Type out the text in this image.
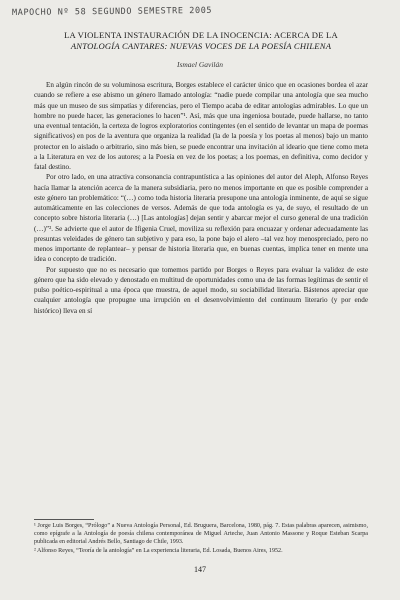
MAPOCHO Nº 58 SEGUNDO SEMESTRE 2005
LA VIOLENTA INSTAURACIÓN DE LA INOCENCIA: ACERCA DE LA
ANTOLOGÍA CANTARES: NUEVAS VOCES DE LA POESÍA CHILENA
Ismael Gavilán

En algún rincón de su voluminosa escritura, Borges establece el carácter único que en ocasiones bordea el azar cuando se refiere a ese abismo un género llamado antología: “nadie puede compilar una antología que sea mucho más que un museo de sus simpatías y diferencias, pero el Tiempo acaba de editar antologías admirables. Lo que un hombre no puede hacer, las generaciones lo hacen”¹. Así, más que una ingeniosa boutade, puede hallarse, no tanto una eventual tentación, la certeza de logros exploratorios contingentes (en el sentido de levantar un mapa de poemas significativos) en pos de la aventura que organiza la realidad (la de la poesía y los poetas al menos) bajo un manto protector en lo aislado o arbitrario, sino más bien, se puede encontrar una invitación al ideario que tiene como meta a la Literatura en vez de los autores; a la Poesía en vez de los poetas; a los poemas, en definitiva, como decidor y fatal destino.

Por otro lado, en una atractiva consonancia contrapuntística a las opiniones del autor del Aleph, Alfonso Reyes hacía llamar la atención acerca de la manera subsidiaria, pero no menos importante en que es posible comprender a este género tan problemático: “(…) como toda historia literaria presupone una antología inminente, de aquí se sigue automáticamente en las colecciones de versos. Además de que toda antología es ya, de suyo, el resultado de un concepto sobre historia literaria (…) [Las antologías] dejan sentir y abarcar mejor el curso general de una tradición (…)”². Se advierte que el autor de Ifigenia Cruel, moviliza su reflexión para encuazar y ordenar adecuadamente las presuntas veleidades de género tan subjetivo y para eso, la pone bajo el alero –tal vez hoy menospreciado, pero no menos importante de replantear– y pensar de historia literaria que, en buenas cuentas, implica tener en mente una idea o concepto de tradición.

Por supuesto que no es necesario que tomemos partido por Borges o Reyes para evaluar la validez de este género que ha sido elevado y denostado en multitud de oportunidades como una de las formas legítimas de sentir el pulso poético-espiritual a una época que muestra, de aquel modo, su sociabilidad literaria. Bástenos apreciar que cualquier antología que propugne una irrupción en el desenvolvimiento del continuum literario (y por ende histórico) lleva en sí

¹ Jorge Luis Borges, “Prólogo” a Nueva Antología Personal, Ed. Bruguera, Barcelona, 1980, pág. 7. Estas palabras aparecen, asimismo, como epígrafe a la Antología de poesía chilena contemporánea de Miguel Arteche, Juan Antonio Massone y Roque Esteban Scarpa publicada en editorial Andrés Bello, Santiago de Chile, 1993.

² Alfonso Reyes, “Teoría de la antología” en La experiencia literaria, Ed. Losada, Buenos Aires, 1952.

147
